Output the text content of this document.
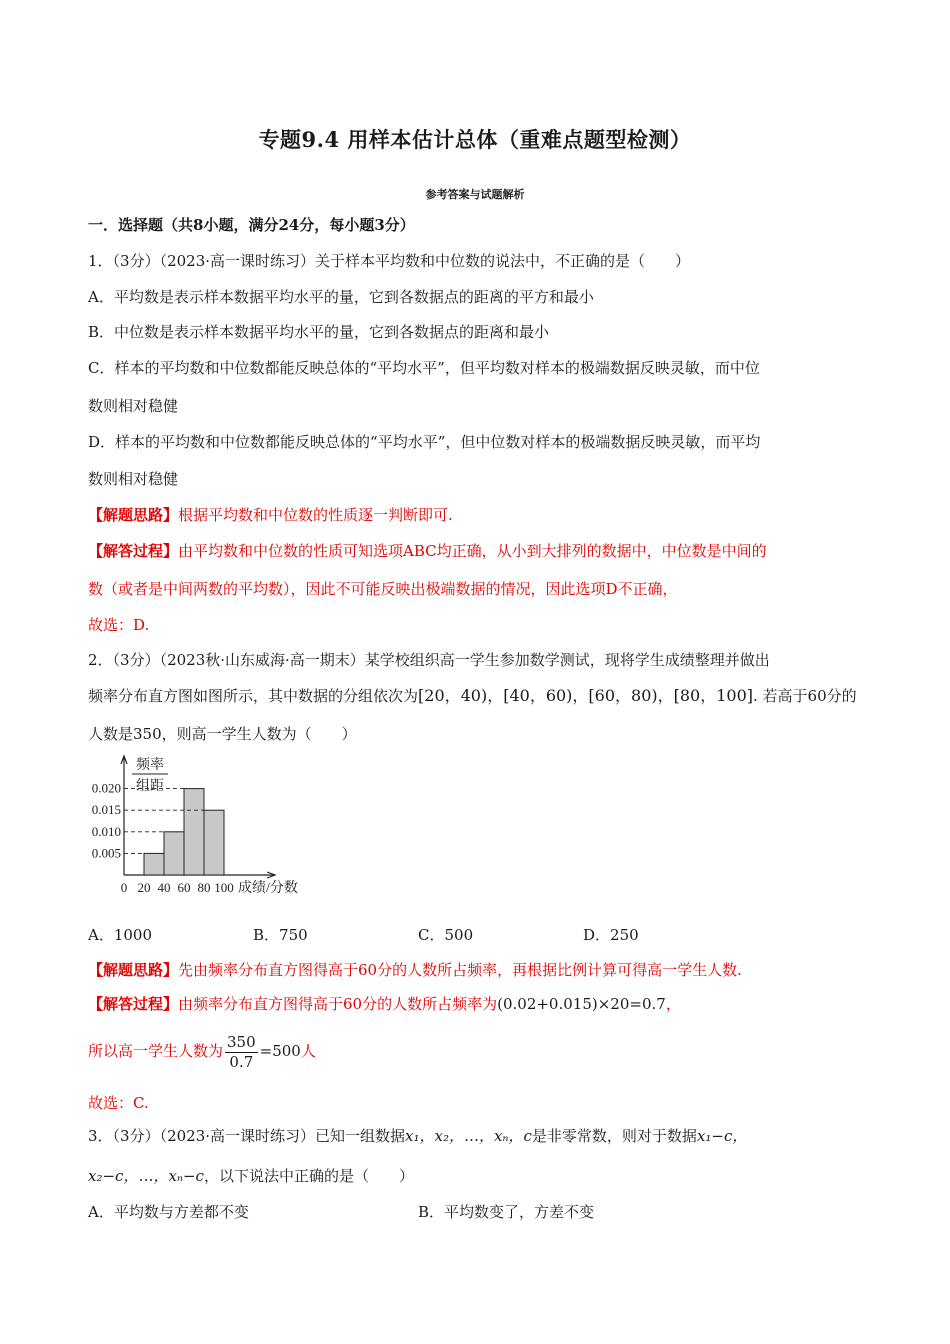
专题9.4 用样本估计总体（重难点题型检测）
参考答案与试题解析
一．选择题（共8小题，满分24分，每小题3分）
1．（3分）（2023·高一课时练习）关于样本平均数和中位数的说法中，不正确的是（　　）
A．平均数是表示样本数据平均水平的量，它到各数据点的距离的平方和最小
B．中位数是表示样本数据平均水平的量，它到各数据点的距离和最小
C．样本的平均数和中位数都能反映总体的“平均水平”，但平均数对样本的极端数据反映灵敏，而中位
数则相对稳健
D．样本的平均数和中位数都能反映总体的“平均水平”，但中位数对样本的极端数据反映灵敏，而平均
数则相对稳健
【解题思路】根据平均数和中位数的性质逐一判断即可.
【解答过程】由平均数和中位数的性质可知选项ABC均正确，从小到大排列的数据中，中位数是中间的
数（或者是中间两数的平均数），因此不可能反映出极端数据的情况，因此选项D不正确，
故选：D.
2．（3分）（2023秋·山东威海·高一期末）某学校组织高一学生参加数学测试，现将学生成绩整理并做出
频率分布直方图如图所示，其中数据的分组依次为[20，40)，[40，60)，[60，80)，[80，100]. 若高于60分的
人数是350，则高一学生人数为（　　）
0.005
0.010
0.015
0.020
0 20 40 60 80 100 成绩/分数
频率
组距
A．1000	B．750	C．500	D．250
【解题思路】先由频率分布直方图得高于60分的人数所占频率，再根据比例计算可得高一学生人数.
【解答过程】由频率分布直方图得高于60分的人数所占频率为(0.02+0.015)×20=0.7，
所以高一学生人数为 $\frac{350}{0.7} =500$人
故选：C.
3．（3分）（2023·高一课时练习）已知一组数据x₁，x₂，…，xₙ，c是非零常数，则对于数据x₁−c，
x₂−c，…，xₙ−c，以下说法中正确的是（　　）
A．平均数与方差都不变	B．平均数变了，方差不变
